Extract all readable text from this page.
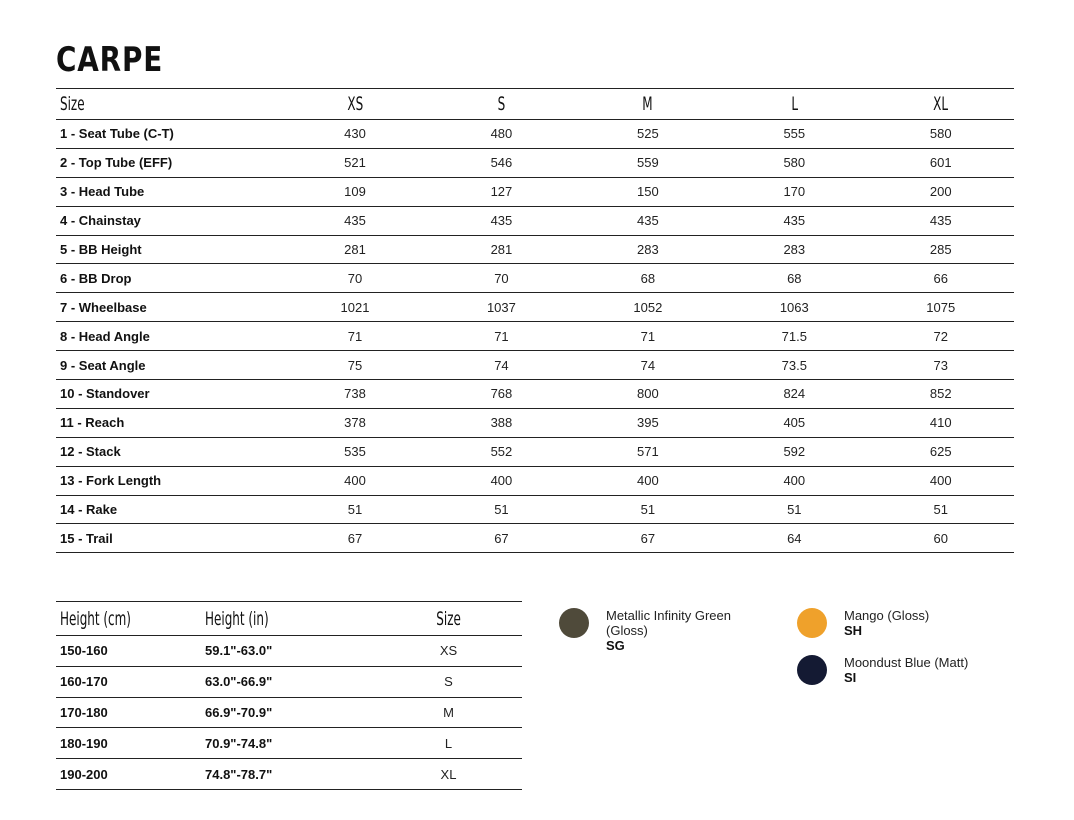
CARPE
Size	XS	S	M	L	XL
1 - Seat Tube (C-T)	430	480	525	555	580
2 - Top Tube (EFF)	521	546	559	580	601
3 - Head Tube	109	127	150	170	200
4 - Chainstay	435	435	435	435	435
5 - BB Height	281	281	283	283	285
6 - BB Drop	70	70	68	68	66
7 - Wheelbase	1021	1037	1052	1063	1075
8 - Head Angle	71	71	71	71.5	72
9 - Seat Angle	75	74	74	73.5	73
10 - Standover	738	768	800	824	852
11 - Reach	378	388	395	405	410
12 - Stack	535	552	571	592	625
13 - Fork Length	400	400	400	400	400
14 - Rake	51	51	51	51	51
15 - Trail	67	67	67	64	60
Height (cm)	Height (in)	Size
150-160	59.1"-63.0"	XS
160-170	63.0"-66.9"	S
170-180	66.9"-70.9"	M
180-190	70.9"-74.8"	L
190-200	74.8"-78.7"	XL
Metallic Infinity Green (Gloss)
SG
Mango (Gloss)
SH
Moondust Blue (Matt)
SI
